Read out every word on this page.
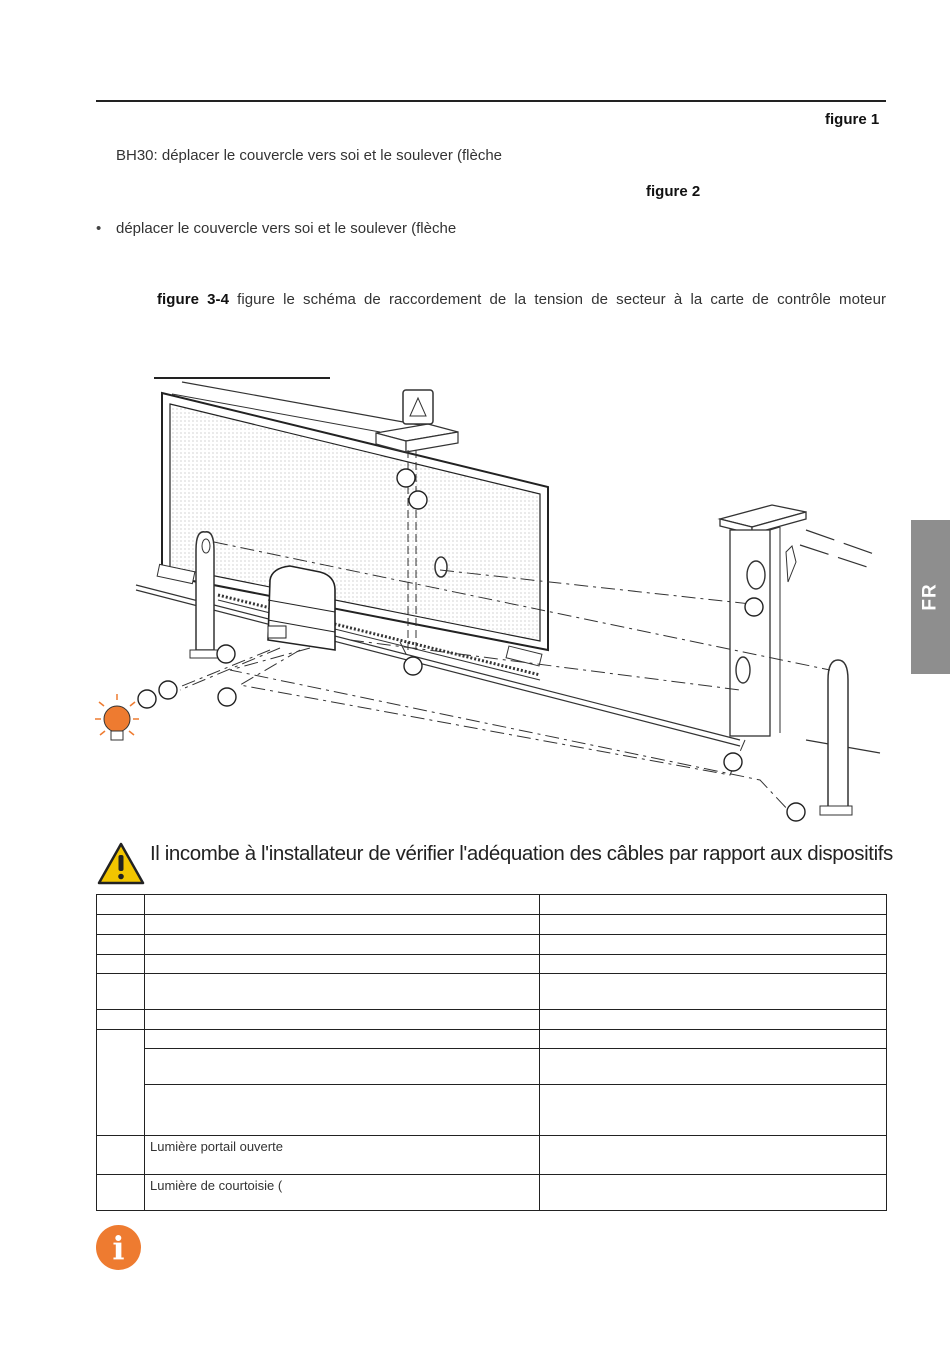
figure 1
BH30: déplacer le couvercle vers soi et le soulever (flèche
figure 2
• déplacer le couvercle vers soi et le soulever (flèche
figure 3-4 figure le schéma de raccordement de la tension de secteur à la carte de contrôle moteur
FR
Il incombe à l'installateur de vérifier l'adéquation des câbles par rapport aux dispositifs

	Lumière portail ouverte	
	Lumière de courtoisie (	
i
